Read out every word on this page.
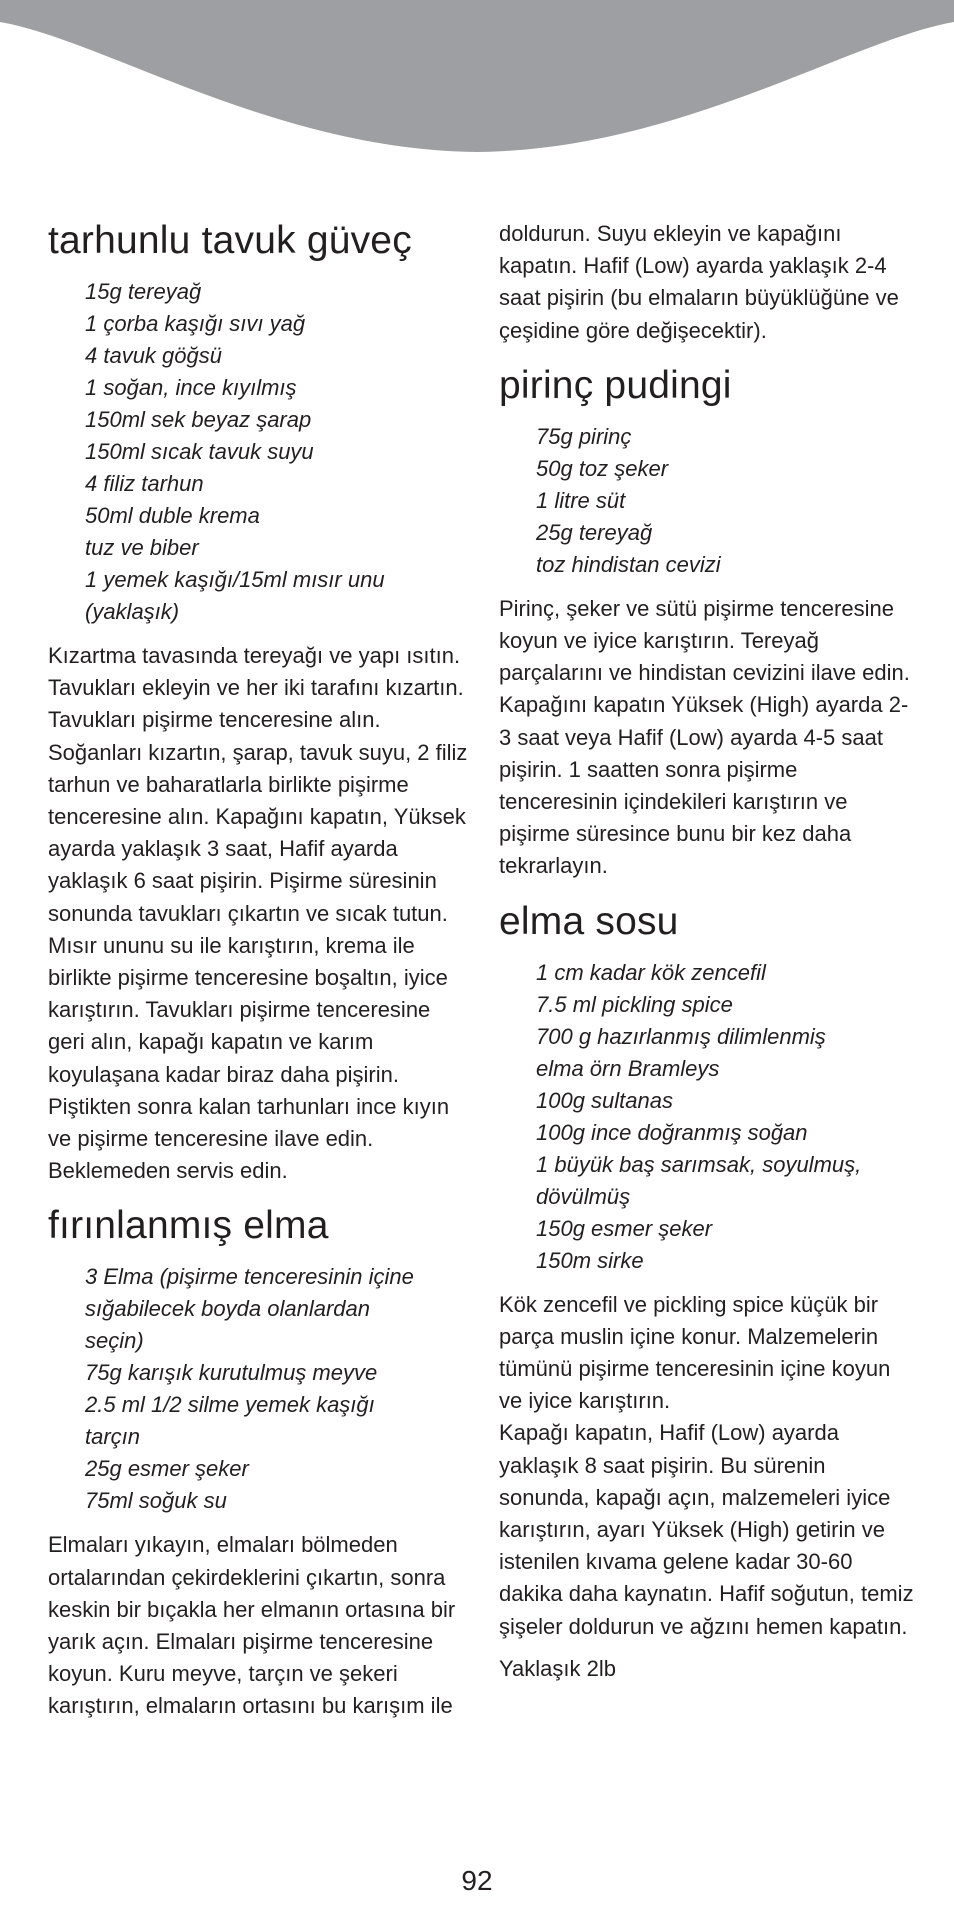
tarhunlu tavuk güveç
15g tereyağ
1 çorba kaşığı sıvı yağ
4 tavuk göğsü
1 soğan, ince kıyılmış
150ml sek beyaz şarap
150ml sıcak tavuk suyu
4 filiz tarhun
50ml duble krema
tuz ve biber
1 yemek kaşığı/15ml mısır unu
(yaklaşık)

Kızartma tavasında tereyağı ve yapı ısıtın. Tavukları ekleyin ve her iki tarafını kızartın. Tavukları pişirme tenceresine alın. Soğanları kızartın, şarap, tavuk suyu, 2 filiz tarhun ve baharatlarla birlikte pişirme tenceresine alın. Kapağını kapatın, Yüksek ayarda yaklaşık 3 saat, Hafif ayarda yaklaşık 6 saat pişirin. Pişirme süresinin sonunda tavukları çıkartın ve sıcak tutun. Mısır ununu su ile karıştırın, krema ile birlikte pişirme tenceresine boşaltın, iyice karıştırın. Tavukları pişirme tenceresine geri alın, kapağı kapatın ve karım koyulaşana kadar biraz daha pişirin. Piştikten sonra kalan tarhunları ince kıyın ve pişirme tenceresine ilave edin. Beklemeden servis edin.

fırınlanmış elma
3 Elma (pişirme tenceresinin içine
sığabilecek boyda olanlardan
seçin)
75g karışık kurutulmuş meyve
2.5 ml 1/2 silme yemek kaşığı
tarçın
25g esmer şeker
75ml soğuk su

Elmaları yıkayın, elmaları bölmeden ortalarından çekirdeklerini çıkartın, sonra keskin bir bıçakla her elmanın ortasına bir yarık açın. Elmaları pişirme tenceresine koyun. Kuru meyve, tarçın ve şekeri karıştırın, elmaların ortasını bu karışım ile

doldurun. Suyu ekleyin ve kapağını kapatın. Hafif (Low) ayarda yaklaşık 2-4 saat pişirin (bu elmaların büyüklüğüne ve çeşidine göre değişecektir).

pirinç pudingi
75g pirinç
50g toz şeker
1 litre süt
25g tereyağ
toz hindistan cevizi

Pirinç, şeker ve sütü pişirme tenceresine koyun ve iyice karıştırın. Tereyağ parçalarını ve hindistan cevizini ilave edin. Kapağını kapatın Yüksek (High) ayarda 2-3 saat veya Hafif (Low) ayarda 4-5 saat pişirin. 1 saatten sonra pişirme tenceresinin içindekileri karıştırın ve pişirme süresince bunu bir kez daha tekrarlayın.

elma sosu
1 cm kadar kök zencefil
7.5 ml pickling spice
700 g hazırlanmış dilimlenmiş
elma örn Bramleys
100g sultanas
100g ince doğranmış soğan
1 büyük baş sarımsak, soyulmuş,
dövülmüş
150g esmer şeker
150m sirke

Kök zencefil ve pickling spice küçük bir parça muslin içine konur. Malzemelerin tümünü pişirme tenceresinin içine koyun ve iyice karıştırın.

Kapağı kapatın, Hafif (Low) ayarda yaklaşık 8 saat pişirin. Bu sürenin sonunda, kapağı açın, malzemeleri iyice karıştırın, ayarı Yüksek (High) getirin ve istenilen kıvama gelene kadar 30-60 dakika daha kaynatın. Hafif soğutun, temiz şişeler doldurun ve ağzını hemen kapatın.

Yaklaşık 2lb

92
